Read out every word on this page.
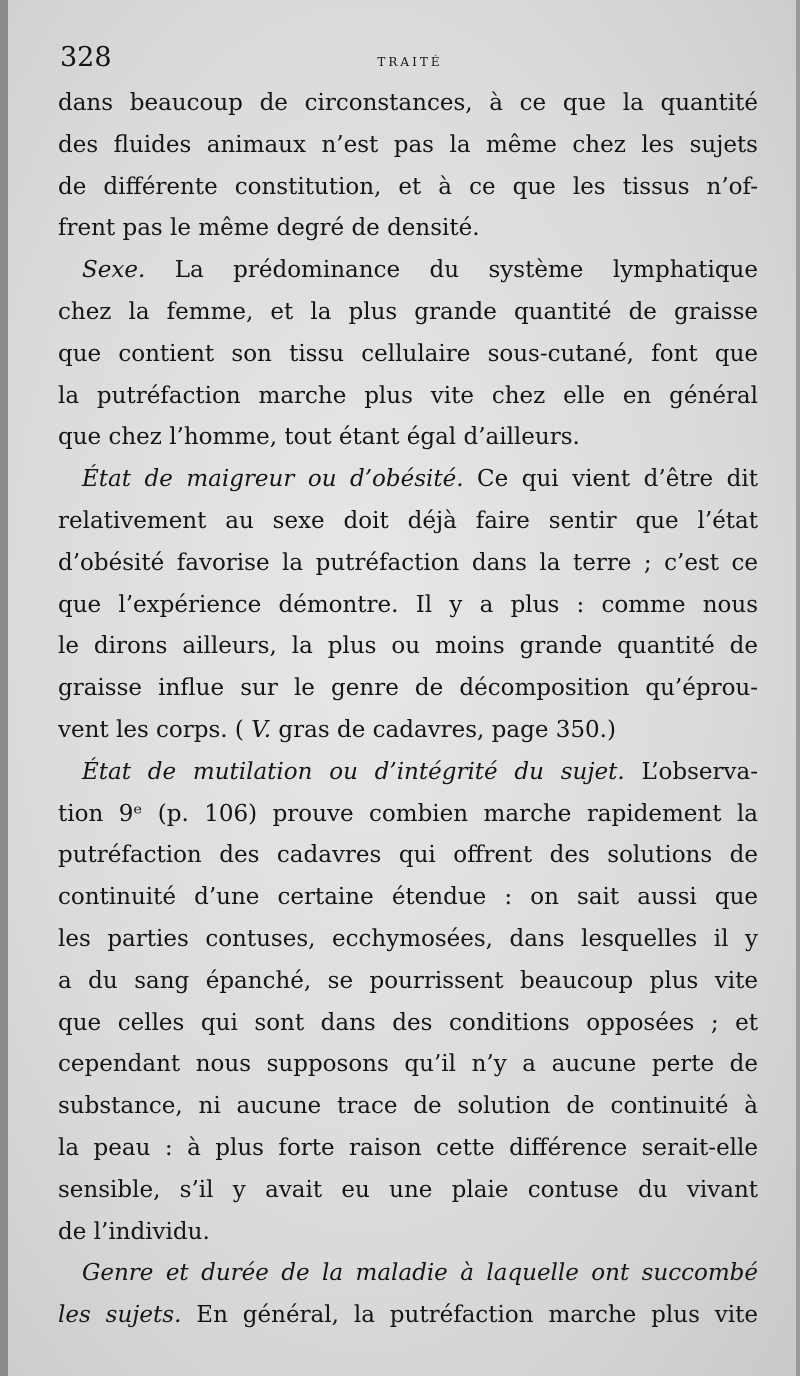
328	TRAITÉ
dans beaucoup de circonstances, à ce que la quantité
des fluides animaux n’est pas la même chez les sujets
de différente constitution, et à ce que les tissus n’of-
frent pas le même degré de densité.
Sexe. La prédominance du système lymphatique
chez la femme, et la plus grande quantité de graisse
que contient son tissu cellulaire sous-cutané, font que
la putréfaction marche plus vite chez elle en général
que chez l’homme, tout étant égal d’ailleurs.
État de maigreur ou d’obésité. Ce qui vient d’être dit
relativement au sexe doit déjà faire sentir que l’état
d’obésité favorise la putréfaction dans la terre ; c’est ce
que l’expérience démontre. Il y a plus : comme nous
le dirons ailleurs, la plus ou moins grande quantité de
graisse influe sur le genre de décomposition qu’éprou-
vent les corps. ( V. gras de cadavres, page 350.)
État de mutilation ou d’intégrité du sujet. L’observa-
tion 9ᵉ (p. 106) prouve combien marche rapidement la
putréfaction des cadavres qui offrent des solutions de
continuité d’une certaine étendue : on sait aussi que
les parties contuses, ecchymosées, dans lesquelles il y
a du sang épanché, se pourrissent beaucoup plus vite
que celles qui sont dans des conditions opposées ; et
cependant nous supposons qu’il n’y a aucune perte de
substance, ni aucune trace de solution de continuité à
la peau : à plus forte raison cette différence serait-elle
sensible, s’il y avait eu une plaie contuse du vivant
de l’individu.
Genre et durée de la maladie à laquelle ont succombé
les sujets. En général, la putréfaction marche plus vite
